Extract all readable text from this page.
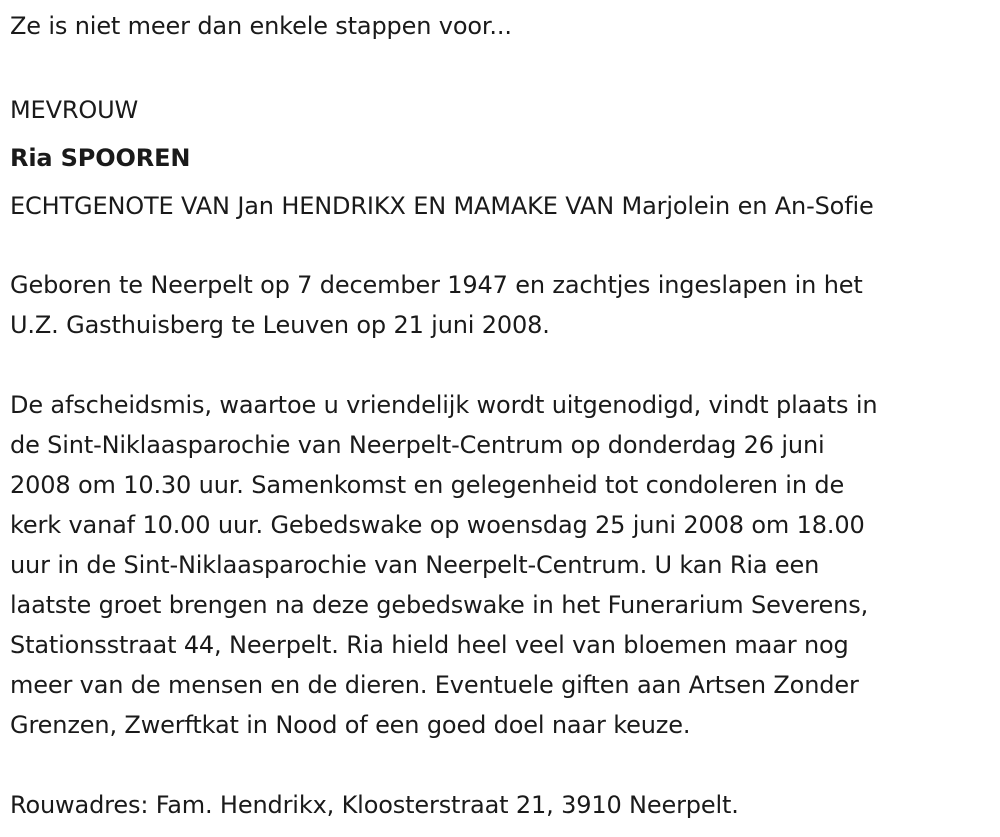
Ze is niet meer dan enkele stappen voor...

MEVROUW

Ria SPOOREN

ECHTGENOTE VAN Jan HENDRIKX EN MAMAKE VAN Marjolein en An-Sofie

Geboren te Neerpelt op 7 december 1947 en zachtjes ingeslapen in het

U.Z. Gasthuisberg te Leuven op 21 juni 2008.

De afscheidsmis, waartoe u vriendelijk wordt uitgenodigd, vindt plaats in

de Sint-Niklaasparochie van Neerpelt-Centrum op donderdag 26 juni

2008 om 10.30 uur. Samenkomst en gelegenheid tot condoleren in de

kerk vanaf 10.00 uur. Gebedswake op woensdag 25 juni 2008 om 18.00

uur in de Sint-Niklaasparochie van Neerpelt-Centrum. U kan Ria een

laatste groet brengen na deze gebedswake in het Funerarium Severens,

Stationsstraat 44, Neerpelt. Ria hield heel veel van bloemen maar nog

meer van de mensen en de dieren. Eventuele giften aan Artsen Zonder

Grenzen, Zwerftkat in Nood of een goed doel naar keuze.

Rouwadres: Fam. Hendrikx, Kloosterstraat 21, 3910 Neerpelt.
